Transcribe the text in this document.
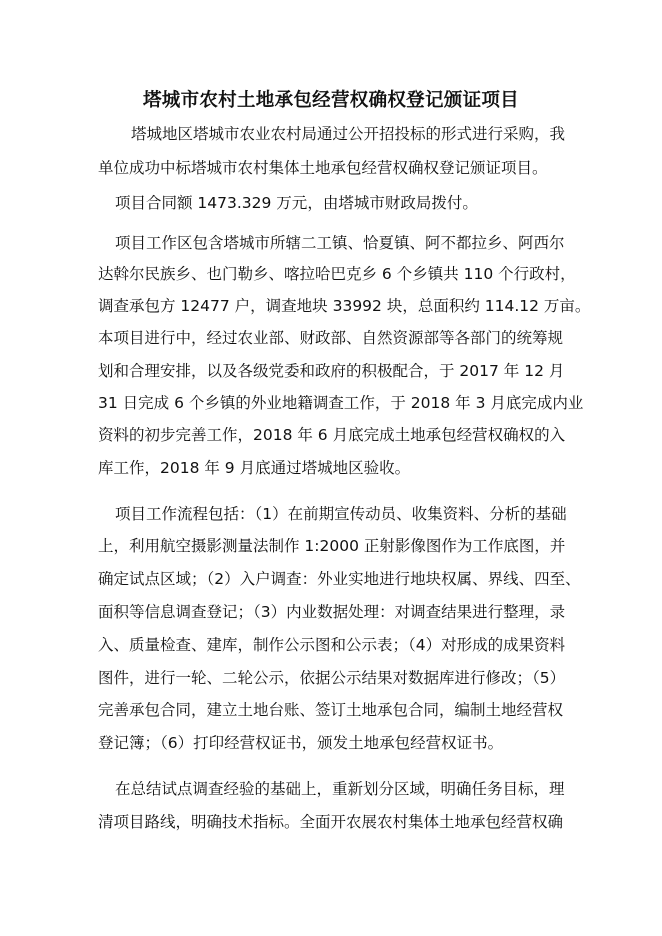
塔城市农村土地承包经营权确权登记颁证项目
塔城地区塔城市农业农村局通过公开招投标的形式进行采购，我
单位成功中标塔城市农村集体土地承包经营权确权登记颁证项目。
项目合同额 1473.329 万元，由塔城市财政局拨付。
项目工作区包含塔城市所辖二工镇、恰夏镇、阿不都拉乡、阿西尔
达斡尔民族乡、也门勒乡、喀拉哈巴克乡 6 个乡镇共 110 个行政村，
调查承包方 12477 户，调查地块 33992 块，总面积约 114.12 万亩。
本项目进行中，经过农业部、财政部、自然资源部等各部门的统筹规
划和合理安排，以及各级党委和政府的积极配合，于 2017 年 12 月
31 日完成 6 个乡镇的外业地籍调查工作，于 2018 年 3 月底完成内业
资料的初步完善工作，2018 年 6 月底完成土地承包经营权确权的入
库工作，2018 年 9 月底通过塔城地区验收。
项目工作流程包括：（1）在前期宣传动员、收集资料、分析的基础
上，利用航空摄影测量法制作 1:2000 正射影像图作为工作底图，并
确定试点区域；（2）入户调查：外业实地进行地块权属、界线、四至、
面积等信息调查登记；（3）内业数据处理：对调查结果进行整理，录
入、质量检查、建库，制作公示图和公示表；（4）对形成的成果资料
图件，进行一轮、二轮公示，依据公示结果对数据库进行修改；（5）
完善承包合同，建立土地台账、签订土地承包合同，编制土地经营权
登记簿；（6）打印经营权证书，颁发土地承包经营权证书。
在总结试点调查经验的基础上，重新划分区域，明确任务目标，理
清项目路线，明确技术指标。全面开农展农村集体土地承包经营权确
